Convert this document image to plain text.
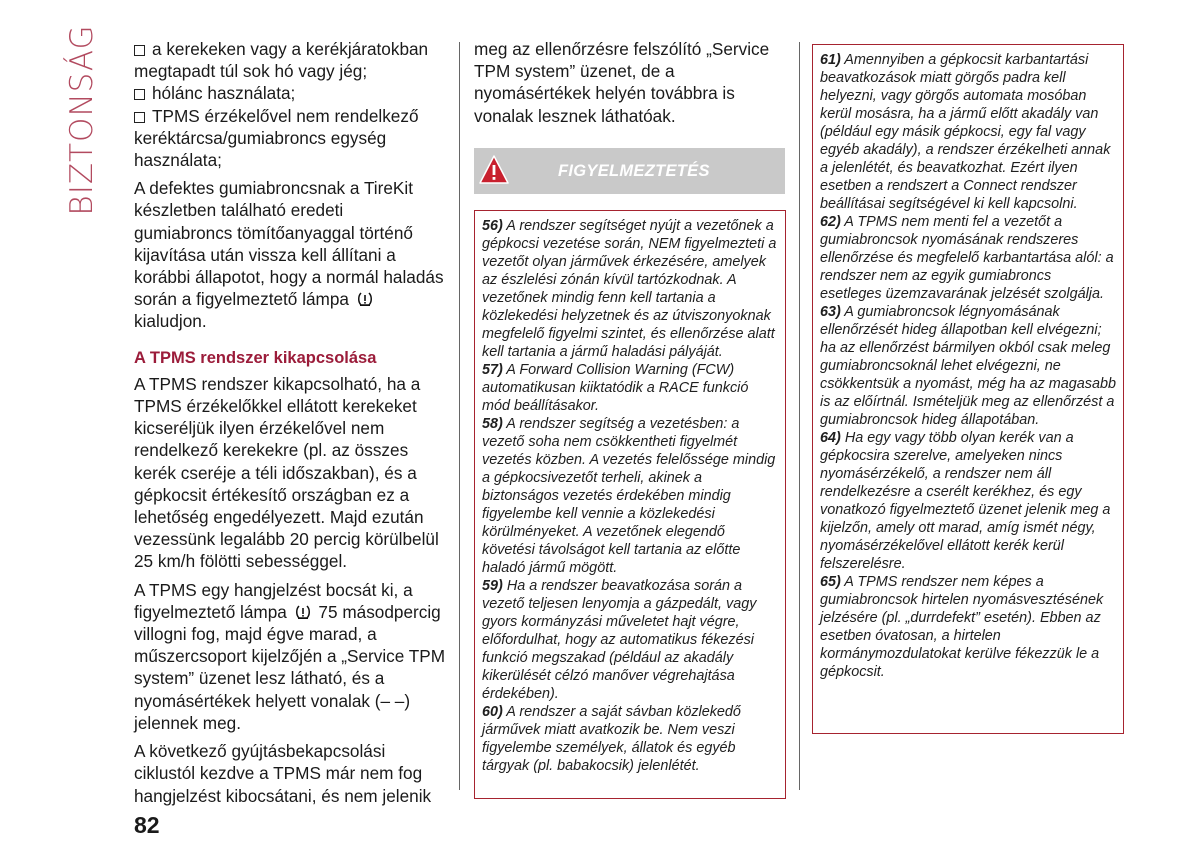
BIZTONSÁG	a kerekeken vagy a kerékjáratokban megtapadt túl sok hó vagy jég;

hólánc használata;

TPMS érzékelővel nem rendelkező keréktárcsa/gumiabroncs egység használata;

A defektes gumiabroncsnak a TireKit készletben található eredeti gumiabroncs tömítőanyaggal történő kijavítása után vissza kell állítani a korábbi állapotot, hogy a normál haladás során a figyelmeztető lámpa  kialudjon.

A TPMS rendszer kikapcsolása

A TPMS rendszer kikapcsolható, ha a TPMS érzékelőkkel ellátott kerekeket kicseréljük ilyen érzékelővel nem rendelkező kerekekre (pl. az összes kerék cseréje a téli időszakban), és a gépkocsit értékesítő országban ez a lehetőség engedélyezett. Majd ezután vezessünk legalább 20 percig körülbelül 25 km/h fölötti sebességgel.

A TPMS egy hangjelzést bocsát ki, a figyelmeztető lámpa 75 másodpercig villogni fog, majd égve marad, a műszercsoport kijelzőjén a „Service TPM system” üzenet lesz látható, és a nyomásértékek helyett vonalak (– –) jelennek meg.

A következő gyújtásbekapcsolási ciklustól kezdve a TPMS már nem fog hangjelzést kibocsátani, és nem jelenik

meg az ellenőrzésre felszólító „Service TPM system” üzenet, de a nyomásértékek helyén továbbra is vonalak lesznek láthatóak.

FIGYELMEZTETÉS

56) A rendszer segítséget nyújt a vezetőnek a gépkocsi vezetése során, NEM figyelmezteti a vezetőt olyan járművek érkezésére, amelyek az észlelési zónán kívül tartózkodnak. A vezetőnek mindig fenn kell tartania a közlekedési helyzetnek és az útviszonyoknak megfelelő figyelmi szintet, és ellenőrzése alatt kell tartania a jármű haladási pályáját.

57) A Forward Collision Warning (FCW) automatikusan kiiktatódik a RACE funkció mód beállításakor.

58) A rendszer segítség a vezetésben: a vezető soha nem csökkentheti figyelmét vezetés közben. A vezetés felelőssége mindig a gépkocsivezetőt terheli, akinek a biztonságos vezetés érdekében mindig figyelembe kell vennie a közlekedési körülményeket. A vezetőnek elegendő követési távolságot kell tartania az előtte haladó jármű mögött.

59) Ha a rendszer beavatkozása során a vezető teljesen lenyomja a gázpedált, vagy gyors kormányzási műveletet hajt végre, előfordulhat, hogy az automatikus fékezési funkció megszakad (például az akadály kikerülését célzó manőver végrehajtása érdekében).

60) A rendszer a saját sávban közlekedő járművek miatt avatkozik be. Nem veszi figyelembe személyek, állatok és egyéb tárgyak (pl. babakocsik) jelenlétét.

61) Amennyiben a gépkocsit karbantartási beavatkozások miatt görgős padra kell helyezni, vagy görgős automata mosóban kerül mosásra, ha a jármű előtt akadály van (például egy másik gépkocsi, egy fal vagy egyéb akadály), a rendszer érzékelheti annak a jelenlétét, és beavatkozhat. Ezért ilyen esetben a rendszert a Connect rendszer beállításai segítségével ki kell kapcsolni.

62) A TPMS nem menti fel a vezetőt a gumiabroncsok nyomásának rendszeres ellenőrzése és megfelelő karbantartása alól: a rendszer nem az egyik gumiabroncs esetleges üzemzavarának jelzését szolgálja.

63) A gumiabroncsok légnyomásának ellenőrzését hideg állapotban kell elvégezni; ha az ellenőrzést bármilyen okból csak meleg gumiabroncsoknál lehet elvégezni, ne csökkentsük a nyomást, még ha az magasabb is az előírtnál. Ismételjük meg az ellenőrzést a gumiabroncsok hideg állapotában.

64) Ha egy vagy több olyan kerék van a gépkocsira szerelve, amelyeken nincs nyomásérzékelő, a rendszer nem áll rendelkezésre a cserélt kerékhez, és egy vonatkozó figyelmeztető üzenet jelenik meg a kijelzőn, amely ott marad, amíg ismét négy, nyomásérzékelővel ellátott kerék kerül felszerelésre.

65) A TPMS rendszer nem képes a gumiabroncsok hirtelen nyomásvesztésének jelzésére (pl. „durrdefekt” esetén). Ebben az esetben óvatosan, a hirtelen kormánymozdulatokat kerülve fékezzük le a gépkocsit.

82
